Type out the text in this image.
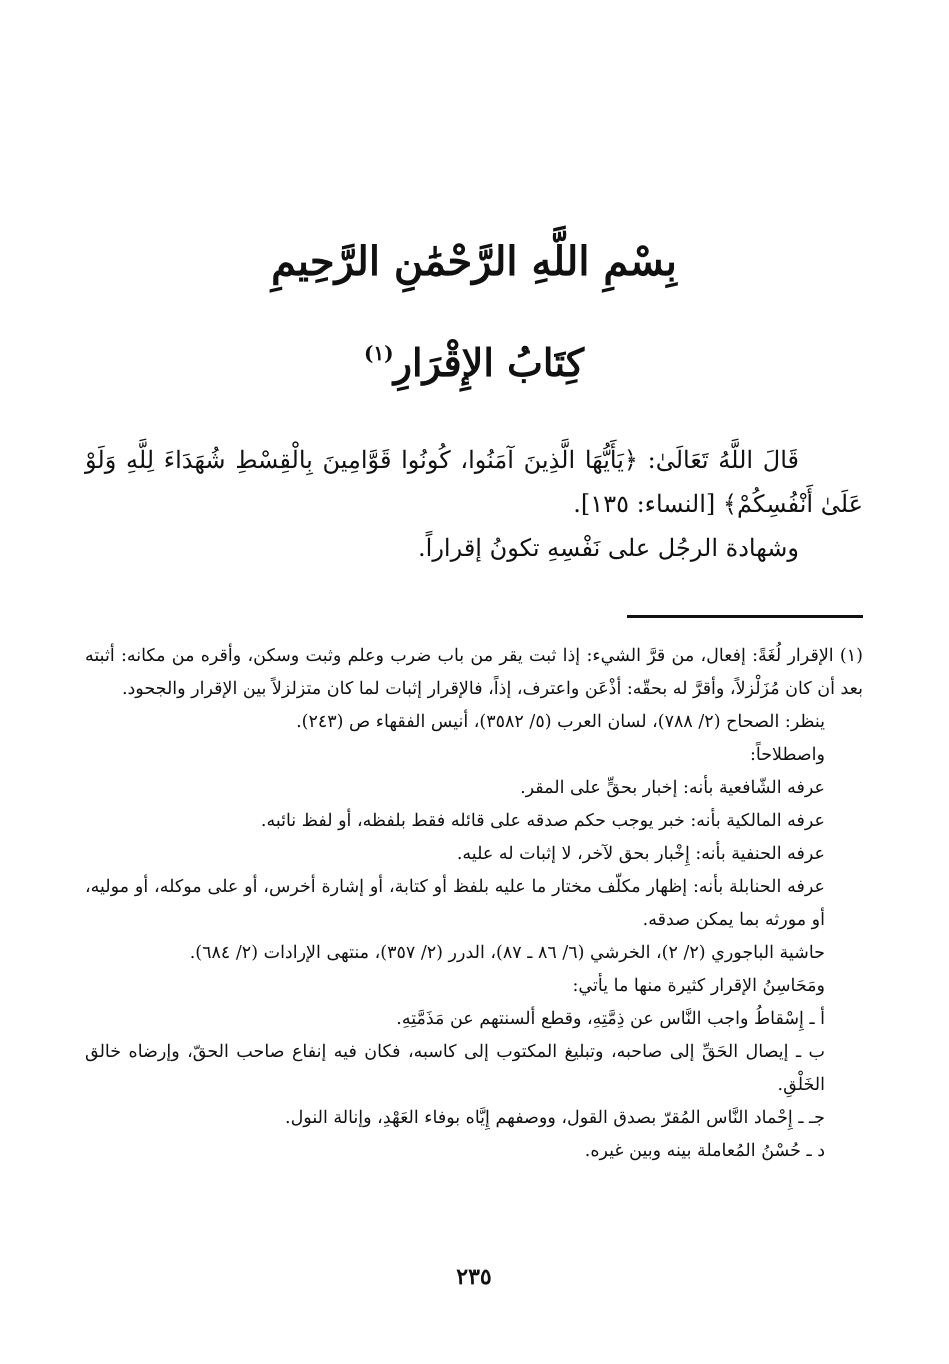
بِسْمِ اللَّهِ الرَّحْمَٰنِ الرَّحِيمِ
كِتَابُ الإِقْرَارِ$^{(١)}$

قَالَ اللَّهُ تَعَالَىٰ: ﴿يَأَيُّهَا الَّذِينَ آمَنُوا، كُونُوا قَوَّامِينَ بِالْقِسْطِ شُهَدَاءَ لِلَّهِ وَلَوْ عَلَىٰ أَنْفُسِكُمْ﴾ [النساء: ١٣٥].

وشهادة الرجُل على نَفْسِهِ تكونُ إقراراً.

(١) الإقرار لُغَةً: إفعال، من قرَّ الشيء: إذا ثبت يقر من باب ضرب وعلم وثبت وسكن، وأقره من مكانه: أثبته بعد أن كان مُزَلْزلاً، وأقرَّ له بحقّه: أذْعَن واعترف، إذاً، فالإقرار إثبات لما كان متزلزلاً بين الإقرار والجحود.

ينظر: الصحاح (٢/ ٧٨٨)، لسان العرب (٥/ ٣٥٨٢)، أنيس الفقهاء ص (٢٤٣).

واصطلاحاً:

عرفه الشّافعية بأنه: إخبار بحقٍّ على المقر.

عرفه المالكية بأنه: خبر يوجب حكم صدقه على قائله فقط بلفظه، أو لفظ نائبه.

عرفه الحنفية بأنه: إِخْبار بحق لآخر، لا إثبات له عليه.

عرفه الحنابلة بأنه: إظهار مكلّف مختار ما عليه بلفظ أو كتابة، أو إشارة أخرس، أو على موكله، أو موليه، أو مورثه بما يمكن صدقه.

حاشية الباجوري (٢/ ٢)، الخرشي (٦/ ٨٦ ـ ٨٧)، الدرر (٢/ ٣٥٧)، منتهى الإرادات (٢/ ٦٨٤).

ومَحَاسِنُ الإقرار كثيرة منها ما يأتي:

أ ـ إِسْقاطُ واجب النَّاس عن ذِمَّتِهِ، وقطع ألسنتهم عن مَذَمَّتِهِ.

ب ـ إيصال الحَقِّ إلى صاحبه، وتبليغ المكتوب إلى كاسبه، فكان فيه إنفاع صاحب الحقّ، وإرضاه خالق الخَلْقِ.

جـ ـ إِحْماد النَّاس المُقرّ بصدق القول، ووصفهم إِيَّاه بوفاء العَهْدِ، وإنالة النول.

د ـ حُسْنُ المُعاملة بينه وبين غيره.

٢٣٥
